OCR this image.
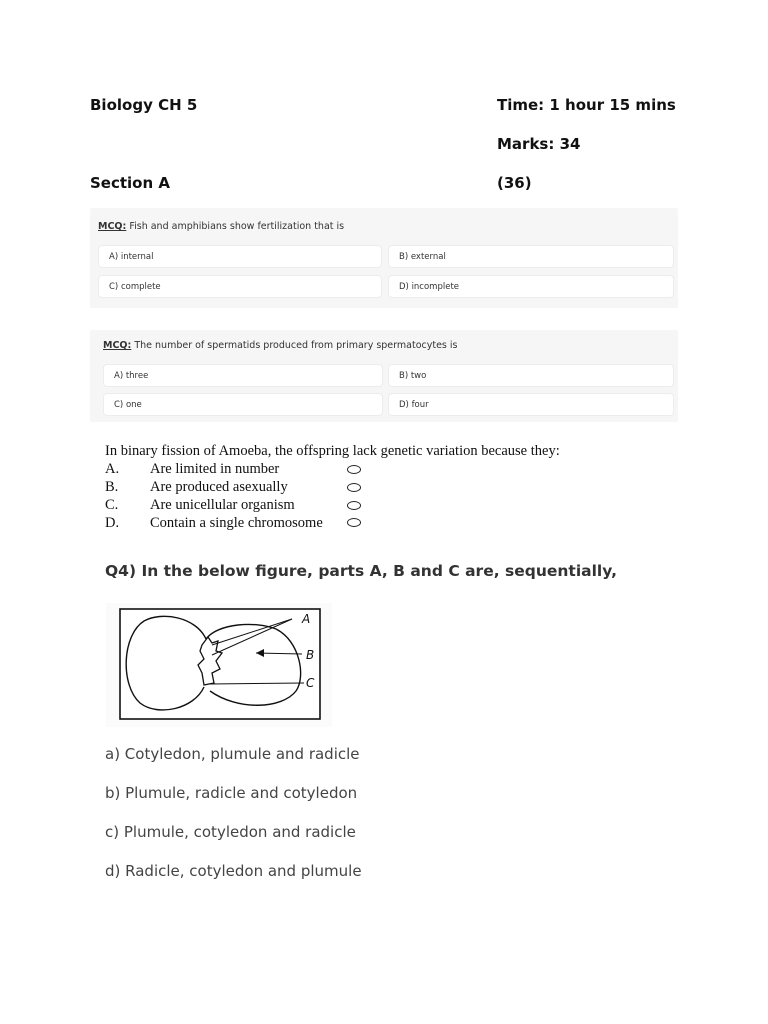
Biology CH 5	Time: 1 hour 15 mins
Marks: 34
Section A	(36)
MCQ: Fish and amphibians show fertilization that is
A) internal	B) external
C) complete	D) incomplete
MCQ: The number of spermatids produced from primary spermatocytes is
A) three	B) two
C) one	D) four
In binary fission of Amoeba, the offspring lack genetic variation because they:
A. Are limited in number
B. Are produced asexually
C. Are unicellular organism
D. Contain a single chromosome
Q4) In the below figure, parts A, B and C are, sequentially,
A
B
C
a) Cotyledon, plumule and radicle
b) Plumule, radicle and cotyledon
c) Plumule, cotyledon and radicle
d) Radicle, cotyledon and plumule
